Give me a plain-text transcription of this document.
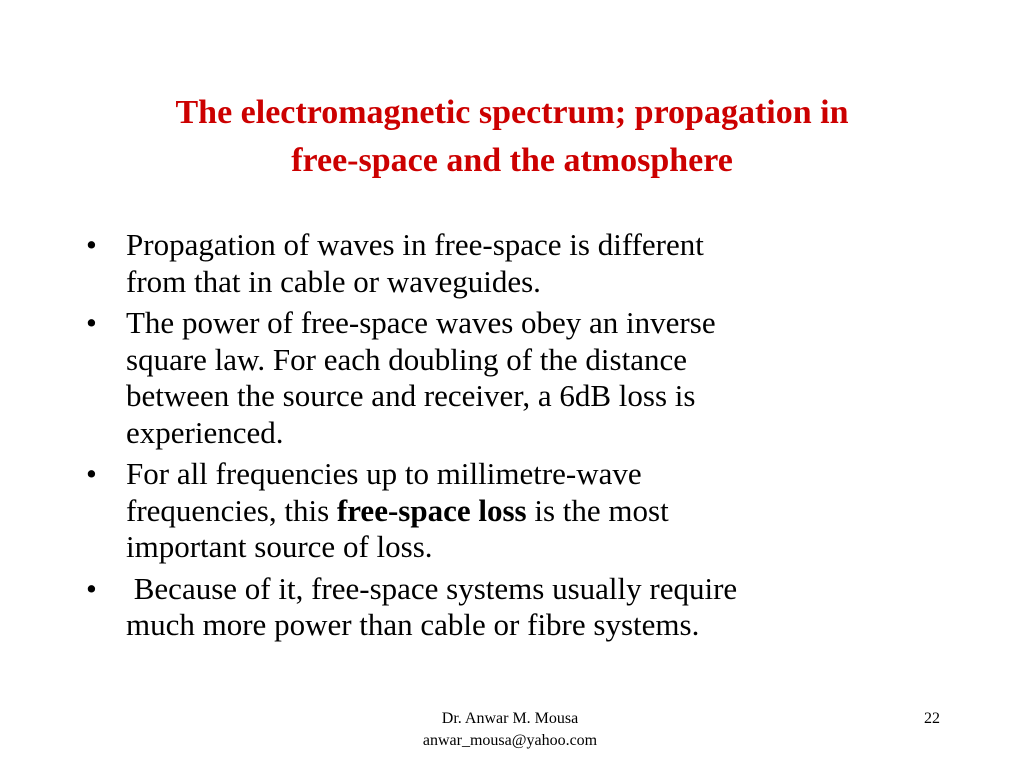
The electromagnetic spectrum; propagation in
free-space and the atmosphere
• Propagation of waves in free-space is different
from that in cable or waveguides.
• The power of free-space waves obey an inverse
square law. For each doubling of the distance
between the source and receiver, a 6dB loss is
experienced.
• For all frequencies up to millimetre-wave
frequencies, this free-space loss is the most
important source of loss.
• Because of it, free-space systems usually require
much more power than cable or fibre systems.
Dr. Anwar M. Mousa
anwar_mousa@yahoo.com
22
